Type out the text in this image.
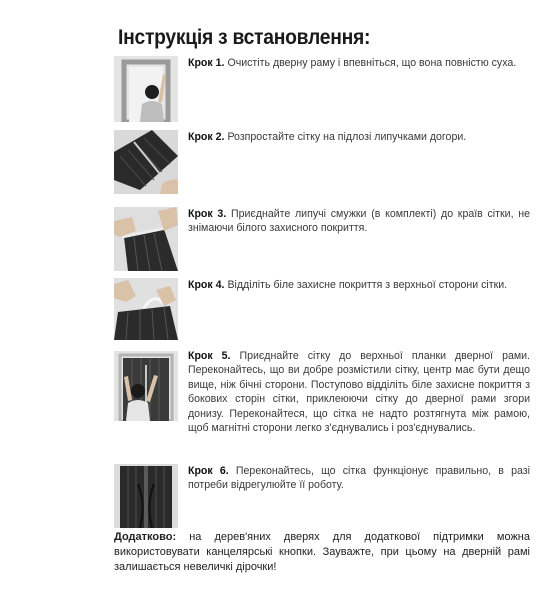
Інструкція з встановлення:
Крок 1. Очистіть дверну раму і впевніться, що вона повністю суха.
Крок 2. Розпростайте сітку на підлозі липучками догори.
Крок 3. Приєднайте липучі смужки (в комплекті) до країв сітки, не знімаючи білого захисного покриття.
Крок 4. Відділіть біле захисне покриття з верхньої сторони сітки.
Крок 5. Приєднайте сітку до верхньої планки дверної рами. Переконайтесь, що ви добре розмістили сітку, центр має бути дещо вище, ніж бічні сторони. Поступово відділіть біле захисне покриття з бокових сторін сітки, приклеюючи сітку до дверної рами згори донизу. Переконайтеся, що сітка не надто розтягнута між рамою, щоб магнітні сторони легко з'єднувались і роз'єднувались.
Крок 6. Переконайтесь, що сітка функціонує правильно, в разі потреби відрегулюйте її роботу.
Додатково: на дерев'яних дверях для додаткової підтримки можна використовувати канцелярські кнопки. Зауважте, при цьому на дверній рамі залишається невеличкі дірочки!
